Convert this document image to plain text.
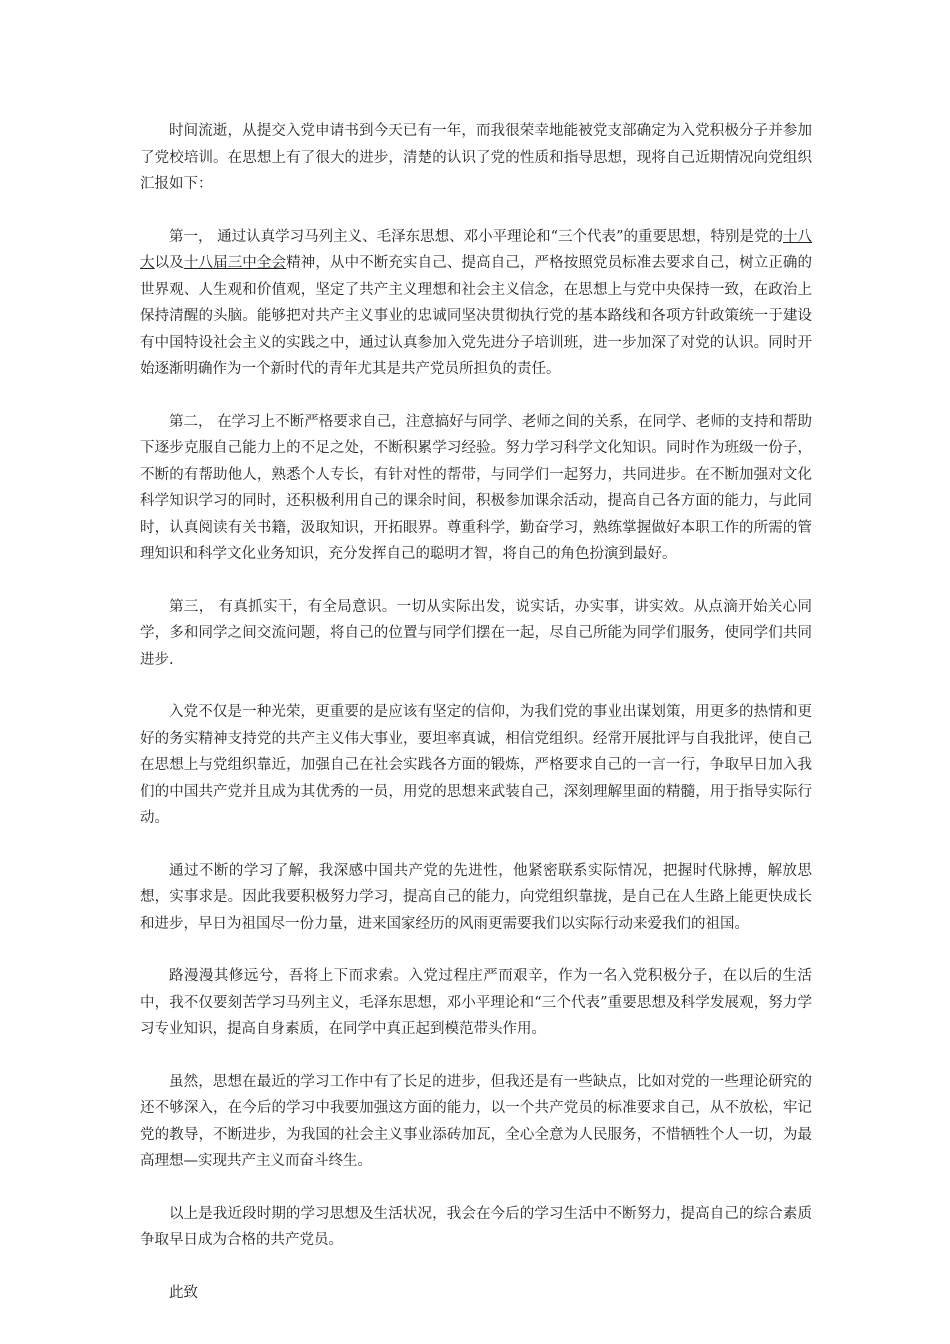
时间流逝，从提交入党申请书到今天已有一年，而我很荣幸地能被党支部确定为入党积极分子并参加了党校培训。在思想上有了很大的进步，清楚的认识了党的性质和指导思想，现将自己近期情况向党组织汇报如下：

第一， 通过认真学习马列主义、毛泽东思想、邓小平理论和“三个代表”的重要思想，特别是党的十八大以及十八届三中全会精神，从中不断充实自己、提高自己，严格按照党员标准去要求自己，树立正确的世界观、人生观和价值观，坚定了共产主义理想和社会主义信念，在思想上与党中央保持一致，在政治上保持清醒的头脑。能够把对共产主义事业的忠诚同坚决贯彻执行党的基本路线和各项方针政策统一于建设有中国特设社会主义的实践之中，通过认真参加入党先进分子培训班，进一步加深了对党的认识。同时开始逐渐明确作为一个新时代的青年尤其是共产党员所担负的责任。

第二， 在学习上不断严格要求自己，注意搞好与同学、老师之间的关系，在同学、老师的支持和帮助下逐步克服自己能力上的不足之处，不断积累学习经验。努力学习科学文化知识。同时作为班级一份子，不断的有帮助他人，熟悉个人专长，有针对性的帮带，与同学们一起努力，共同进步。在不断加强对文化科学知识学习的同时，还积极利用自己的课余时间，积极参加课余活动，提高自己各方面的能力，与此同时，认真阅读有关书籍，汲取知识，开拓眼界。尊重科学，勤奋学习，熟练掌握做好本职工作的所需的管理知识和科学文化业务知识，充分发挥自己的聪明才智，将自己的角色扮演到最好。

第三， 有真抓实干，有全局意识。一切从实际出发，说实话，办实事，讲实效。从点滴开始关心同学，多和同学之间交流问题，将自己的位置与同学们摆在一起，尽自己所能为同学们服务，使同学们共同进步.

入党不仅是一种光荣，更重要的是应该有坚定的信仰，为我们党的事业出谋划策，用更多的热情和更好的务实精神支持党的共产主义伟大事业，要坦率真诚，相信党组织。经常开展批评与自我批评，使自己在思想上与党组织靠近，加强自己在社会实践各方面的锻炼，严格要求自己的一言一行，争取早日加入我们的中国共产党并且成为其优秀的一员，用党的思想来武装自己，深刻理解里面的精髓，用于指导实际行动。

通过不断的学习了解，我深感中国共产党的先进性，他紧密联系实际情况，把握时代脉搏，解放思想，实事求是。因此我要积极努力学习，提高自己的能力，向党组织靠拢，是自己在人生路上能更快成长和进步，早日为祖国尽一份力量，进来国家经历的风雨更需要我们以实际行动来爱我们的祖国。

路漫漫其修远兮，吾将上下而求索。入党过程庄严而艰辛，作为一名入党积极分子，在以后的生活中，我不仅要刻苦学习马列主义，毛泽东思想，邓小平理论和“三个代表”重要思想及科学发展观，努力学习专业知识，提高自身素质，在同学中真正起到模范带头作用。

虽然，思想在最近的学习工作中有了长足的进步，但我还是有一些缺点，比如对党的一些理论研究的还不够深入，在今后的学习中我要加强这方面的能力，以一个共产党员的标准要求自己，从不放松，牢记党的教导，不断进步，为我国的社会主义事业添砖加瓦，全心全意为人民服务，不惜牺牲个人一切，为最高理想—实现共产主义而奋斗终生。

以上是我近段时期的学习思想及生活状况，我会在今后的学习生活中不断努力，提高自己的综合素质争取早日成为合格的共产党员。

此致
